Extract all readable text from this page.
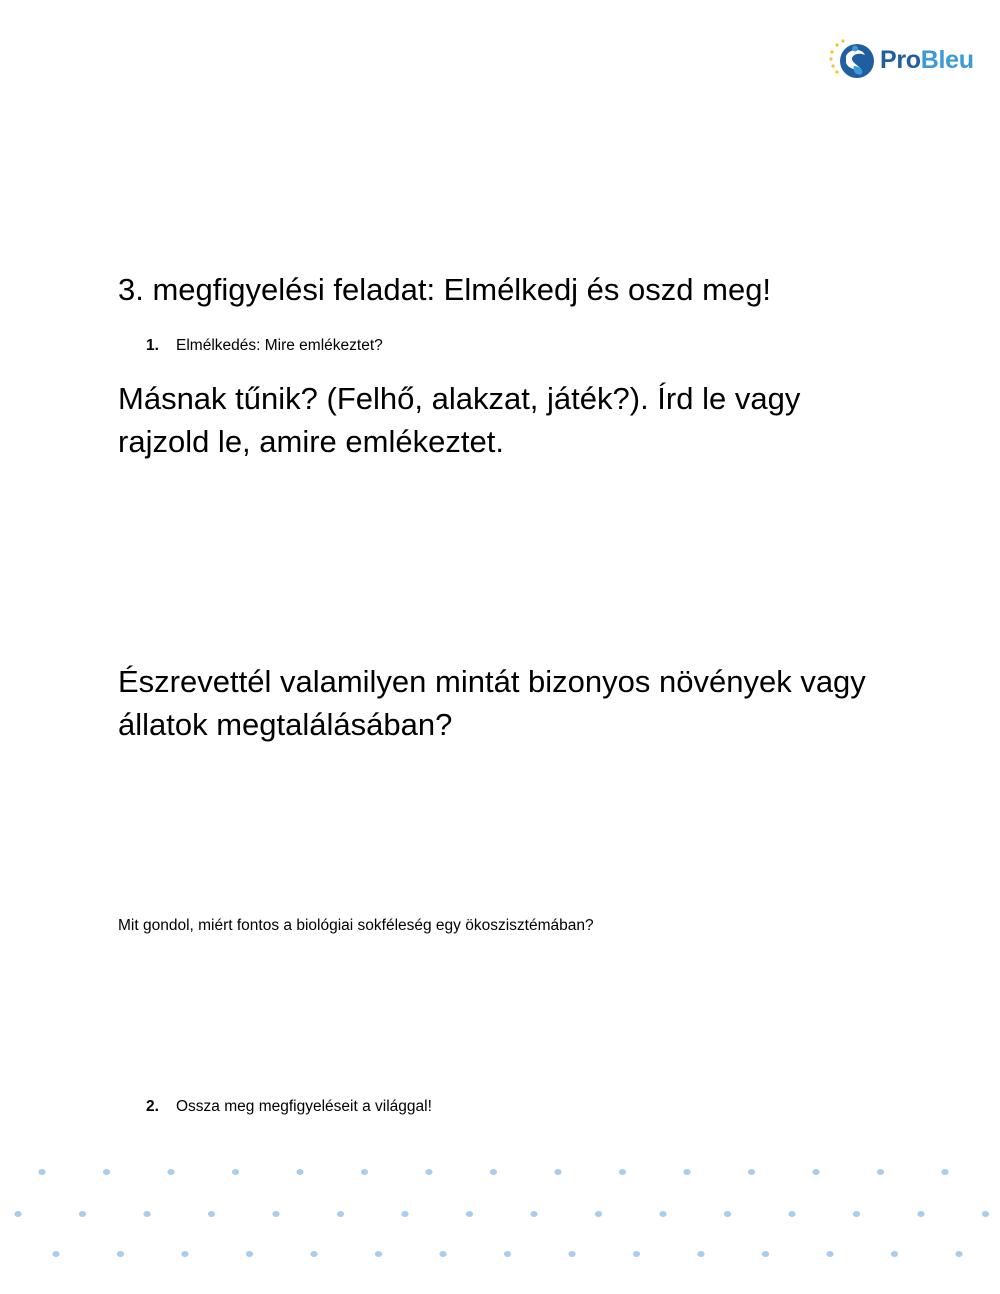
ProBleu
3. megfigyelési feladat: Elmélkedj és oszd meg!
1.	Elmélkedés: Mire emlékeztet?

Másnak tűnik? (Felhő, alakzat, játék?). Írd le vagy rajzold le, amire emlékeztet.

Észrevettél valamilyen mintát bizonyos növények vagy állatok megtalálásában?

Mit gondol, miért fontos a biológiai sokféleség egy ökoszisztémában?

2.	Ossza meg megfigyeléseit a világgal!
